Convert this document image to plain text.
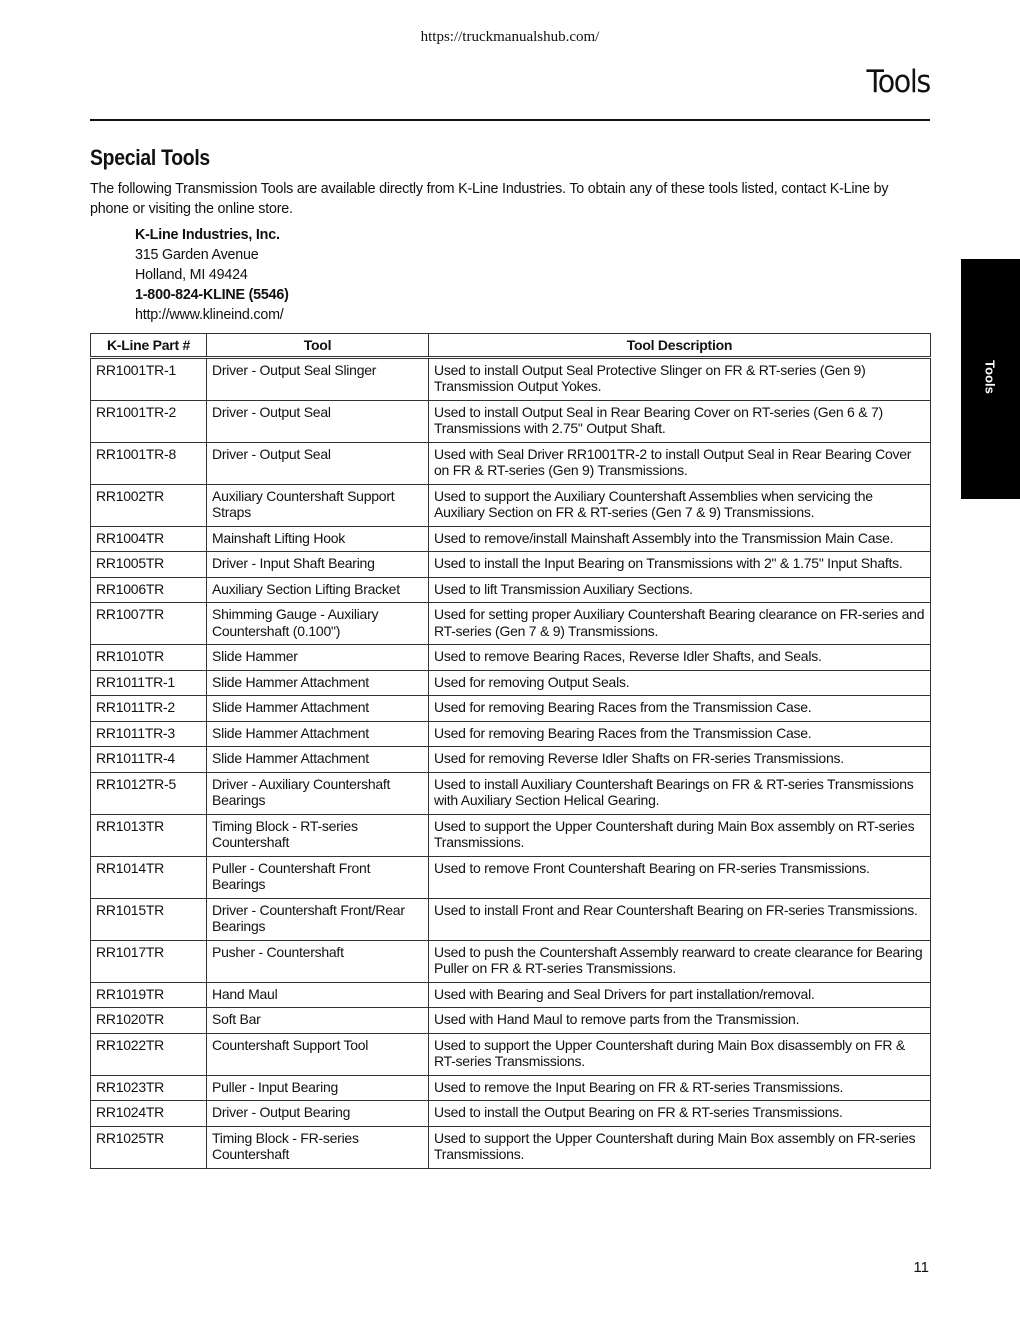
https://truckmanualshub.com/
Tools
Special Tools

The following Transmission Tools are available directly from K-Line Industries. To obtain any of these tools listed, contact K-Line by phone or visiting the online store.

K-Line Industries, Inc.
315 Garden Avenue
Holland, MI 49424
1-800-824-KLINE (5546)
http://www.klineind.com/
Tools
K-Line Part #	Tool	Tool Description
RR1001TR-1	Driver - Output Seal Slinger	Used to install Output Seal Protective Slinger on FR & RT-series (Gen 9) Transmission Output Yokes.
RR1001TR-2	Driver - Output Seal	Used to install Output Seal in Rear Bearing Cover on RT-series (Gen 6 & 7) Transmissions with 2.75" Output Shaft.
RR1001TR-8	Driver - Output Seal	Used with Seal Driver RR1001TR-2 to install Output Seal in Rear Bearing Cover on FR & RT-series (Gen 9) Transmissions.
RR1002TR	Auxiliary Countershaft Support Straps	Used to support the Auxiliary Countershaft Assemblies when servicing the Auxiliary Section on FR & RT-series (Gen 7 & 9) Transmissions.
RR1004TR	Mainshaft Lifting Hook	Used to remove/install Mainshaft Assembly into the Transmission Main Case.
RR1005TR	Driver - Input Shaft Bearing	Used to install the Input Bearing on Transmissions with 2" & 1.75" Input Shafts.
RR1006TR	Auxiliary Section Lifting Bracket	Used to lift Transmission Auxiliary Sections.
RR1007TR	Shimming Gauge - Auxiliary Countershaft (0.100")	Used for setting proper Auxiliary Countershaft Bearing clearance on FR-series and RT-series (Gen 7 & 9) Transmissions.
RR1010TR	Slide Hammer	Used to remove Bearing Races, Reverse Idler Shafts, and Seals.
RR1011TR-1	Slide Hammer Attachment	Used for removing Output Seals.
RR1011TR-2	Slide Hammer Attachment	Used for removing Bearing Races from the Transmission Case.
RR1011TR-3	Slide Hammer Attachment	Used for removing Bearing Races from the Transmission Case.
RR1011TR-4	Slide Hammer Attachment	Used for removing Reverse Idler Shafts on FR-series Transmissions.
RR1012TR-5	Driver - Auxiliary Countershaft Bearings	Used to install Auxiliary Countershaft Bearings on FR & RT-series Transmissions with Auxiliary Section Helical Gearing.
RR1013TR	Timing Block - RT-series Countershaft	Used to support the Upper Countershaft during Main Box assembly on RT-series Transmissions.
RR1014TR	Puller - Countershaft Front Bearings	Used to remove Front Countershaft Bearing on FR-series Transmissions.
RR1015TR	Driver - Countershaft Front/Rear Bearings	Used to install Front and Rear Countershaft Bearing on FR-series Transmissions.
RR1017TR	Pusher - Countershaft	Used to push the Countershaft Assembly rearward to create clearance for Bearing Puller on FR & RT-series Transmissions.
RR1019TR	Hand Maul	Used with Bearing and Seal Drivers for part installation/removal.
RR1020TR	Soft Bar	Used with Hand Maul to remove parts from the Transmission.
RR1022TR	Countershaft Support Tool	Used to support the Upper Countershaft during Main Box disassembly on FR & RT-series Transmissions.
RR1023TR	Puller - Input Bearing	Used to remove the Input Bearing on FR & RT-series Transmissions.
RR1024TR	Driver - Output Bearing	Used to install the Output Bearing on FR & RT-series Transmissions.
RR1025TR	Timing Block - FR-series Countershaft	Used to support the Upper Countershaft during Main Box assembly on FR-series Transmissions.
11
